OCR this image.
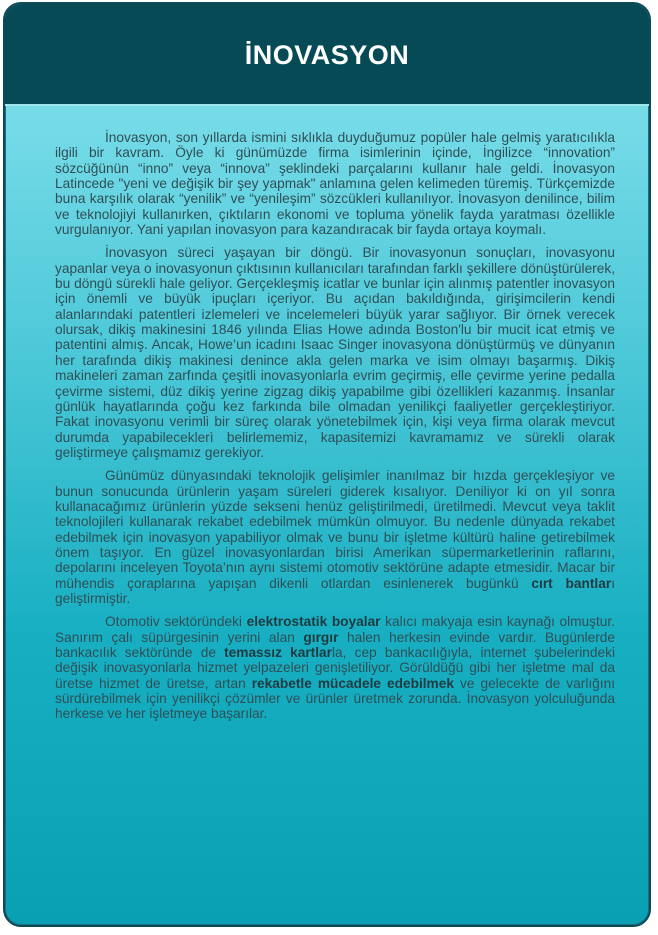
İNOVASYON

İnovasyon, son yıllarda ismini sıklıkla duyduğumuz popüler hale gelmiş yaratıcılıkla ilgili bir kavram. Öyle ki günümüzde firma isimlerinin içinde, İngilizce “innovation” sözcüğünün “inno” veya “innova” şeklindeki parçalarını kullanır hale geldi. İnovasyon Latincede "yeni ve değişik bir şey yapmak" anlamına gelen kelimeden türemiş. Türkçemizde buna karşılık olarak “yenilik” ve “yenileşim” sözcükleri kullanılıyor. İnovasyon denilince, bilim ve teknolojiyi kullanırken, çıktıların ekonomi ve topluma yönelik fayda yaratması özellikle vurgulanıyor. Yani yapılan inovasyon para kazandıracak bir fayda ortaya koymalı.

İnovasyon süreci yaşayan bir döngü. Bir inovasyonun sonuçları, inovasyonu yapanlar veya o inovasyonun çıktısının kullanıcıları tarafından farklı şekillere dönüştürülerek, bu döngü sürekli hale geliyor. Gerçekleşmiş icatlar ve bunlar için alınmış patentler inovasyon için önemli ve büyük ipuçları içeriyor. Bu açıdan bakıldığında, girişimcilerin kendi alanlarındaki patentleri izlemeleri ve incelemeleri büyük yarar sağlıyor. Bir örnek verecek olursak, dikiş makinesini 1846 yılında Elias Howe adında Boston'lu bir mucit icat etmiş ve patentini almış. Ancak, Howe’un icadını Isaac Singer inovasyona dönüştürmüş ve dünyanın her tarafında dikiş makinesi denince akla gelen marka ve isim olmayı başarmış. Dikiş makineleri zaman zarfında çeşitli inovasyonlarla evrim geçirmiş, elle çevirme yerine pedalla çevirme sistemi, düz dikiş yerine zigzag dikiş yapabilme gibi özellikleri kazanmış. İnsanlar günlük hayatlarında çoğu kez farkında bile olmadan yenilikçi faaliyetler gerçekleştiriyor. Fakat inovasyonu verimli bir süreç olarak yönetebilmek için, kişi veya firma olarak mevcut durumda yapabileceklerì belirlememiz, kapasitemizi kavramamız ve sürekli olarak geliştirmeye çalışmamız gerekiyor.

Günümüz dünyasındaki teknolojik gelişimler inanılmaz bir hızda gerçekleşiyor ve bunun sonucunda ürünlerin yaşam süreleri giderek kısalıyor. Deniliyor ki on yıl sonra kullanacağımız ürünlerin yüzde sekseni henüz geliştirilmedi, üretilmedi. Mevcut veya taklit teknolojileri kullanarak rekabet edebilmek mümkün olmuyor. Bu nedenle dünyada rekabet edebilmek için inovasyon yapabiliyor olmak ve bunu bir işletme kültürü haline getirebilmek önem taşıyor. En güzel inovasyonlardan birisi Amerikan süpermarketlerinin raflarını, depolarını inceleyen Toyota’nın aynı sistemi otomotiv sektörüne adapte etmesidir. Macar bir mühendis çoraplarına yapışan dikenli otlardan esinlenerek bugünkü cırt bantları geliştirmiştir.

Otomotiv sektöründeki elektrostatik boyalar kalıcı makyaja esin kaynağı olmuştur. Sanırım çalı süpürgesinin yerini alan gırgır halen herkesin evinde vardır. Bugünlerde bankacılık sektöründe de temassız kartlarla, cep bankacılığıyla, internet şubelerindeki değişik inovasyonlarla hizmet yelpazeleri genişletiliyor. Görüldüğü gibi her işletme mal da üretse hizmet de üretse, artan rekabetle mücadele edebilmek ve gelecekte de varlığını sürdürebilmek için yenilikçi çözümler ve ürünler üretmek zorunda. İnovasyon yolculuğunda herkese ve her işletmeye başarılar.
